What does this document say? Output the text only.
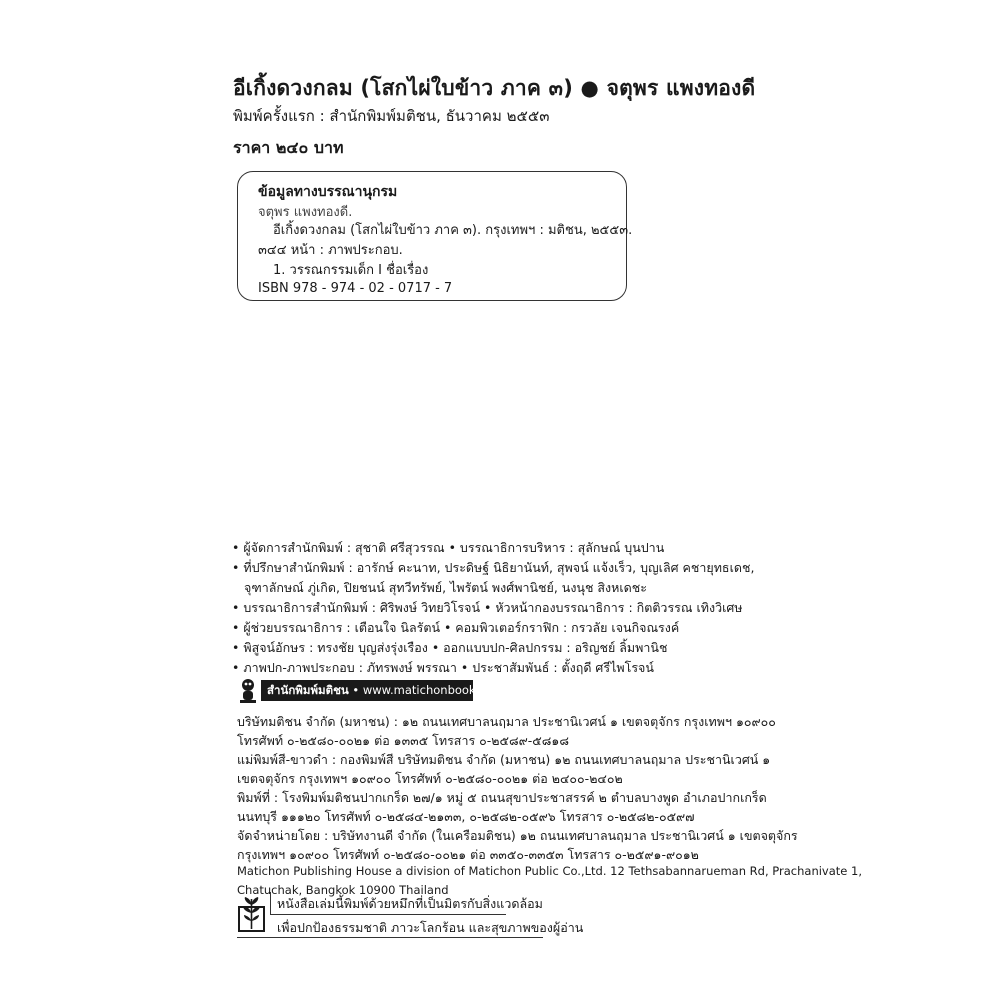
อีเกิ้งดวงกลม (โสกไผ่ใบข้าว ภาค ๓) ● จตุพร แพงทองดี
พิมพ์ครั้งแรก : สำนักพิมพ์มติชน, ธันวาคม ๒๕๕๓
ราคา ๒๔๐ บาท
ข้อมูลทางบรรณานุกรม
จตุพร แพงทองดี.
อีเกิ้งดวงกลม (โสกไผ่ใบข้าว ภาค ๓). กรุงเทพฯ : มติชน, ๒๕๕๓.
๓๔๔ หน้า : ภาพประกอบ.
1. วรรณกรรมเด็ก I ชื่อเรื่อง
ISBN 978 - 974 - 02 - 0717 - 7
• ผู้จัดการสำนักพิมพ์ : สุชาติ ศรีสุวรรณ • บรรณาธิการบริหาร : สุลักษณ์ บุนปาน
• ที่ปรึกษาสำนักพิมพ์ : อารักษ์ คะนาท, ประดิษฐ์ นิธิยานันท์, สุพจน์ แจ้งเร็ว, บุญเลิศ คชายุทธเดช,
จุฑาลักษณ์ ภู่เกิด, ปิยชนน์ สุทวีทรัพย์, ไพรัตน์ พงศ์พานิชย์, นงนุช สิงหเดชะ
• บรรณาธิการสำนักพิมพ์ : ศิริพงษ์ วิทยวิโรจน์ • หัวหน้ากองบรรณาธิการ : กิตติวรรณ เทิงวิเศษ
• ผู้ช่วยบรรณาธิการ : เตือนใจ นิลรัตน์ • คอมพิวเตอร์กราฟิก : กรวลัย เจนกิจณรงค์
• พิสูจน์อักษร : ทรงชัย บุญส่งรุ่งเรือง • ออกแบบปก-ศิลปกรรม : อริญชย์ ลิ้มพานิช
• ภาพปก-ภาพประกอบ : ภัทรพงษ์ พรรณา • ประชาสัมพันธ์ : ตั้งฤดี ศรีไพโรจน์
สำนักพิมพ์มติชน • www.matichonbook.com
บริษัทมติชน จำกัด (มหาชน) : ๑๒ ถนนเทศบาลนฤมาล ประชานิเวศน์ ๑ เขตจตุจักร กรุงเทพฯ ๑๐๙๐๐
โทรศัพท์ ๐-๒๕๘๐-๐๐๒๑ ต่อ ๑๓๓๕ โทรสาร ๐-๒๕๘๙-๕๘๑๘
แม่พิมพ์สี-ขาวดำ : กองพิมพ์สี บริษัทมติชน จำกัด (มหาชน) ๑๒ ถนนเทศบาลนฤมาล ประชานิเวศน์ ๑
เขตจตุจักร กรุงเทพฯ ๑๐๙๐๐ โทรศัพท์ ๐-๒๕๘๐-๐๐๒๑ ต่อ ๒๔๐๐-๒๔๐๒
พิมพ์ที่ : โรงพิมพ์มติชนปากเกร็ด ๒๗/๑ หมู่ ๕ ถนนสุขาประชาสรรค์ ๒ ตำบลบางพูด อำเภอปากเกร็ด
นนทบุรี ๑๑๑๒๐ โทรศัพท์ ๐-๒๕๘๔-๒๑๓๓, ๐-๒๕๘๒-๐๕๙๖ โทรสาร ๐-๒๕๘๒-๐๕๙๗
จัดจำหน่ายโดย : บริษัทงานดี จำกัด (ในเครือมติชน) ๑๒ ถนนเทศบาลนฤมาล ประชานิเวศน์ ๑ เขตจตุจักร
กรุงเทพฯ ๑๐๙๐๐ โทรศัพท์ ๐-๒๕๘๐-๐๐๒๑ ต่อ ๓๓๕๐-๓๓๕๓ โทรสาร ๐-๒๕๙๑-๙๐๑๒
Matichon Publishing House a division of Matichon Public Co.,Ltd. 12 Tethsabannarueman Rd, Prachanivate 1,
Chatuchak, Bangkok 10900 Thailand
หนังสือเล่มนี้พิมพ์ด้วยหมึกที่เป็นมิตรกับสิ่งแวดล้อม
เพื่อปกป้องธรรมชาติ ภาวะโลกร้อน และสุขภาพของผู้อ่าน
